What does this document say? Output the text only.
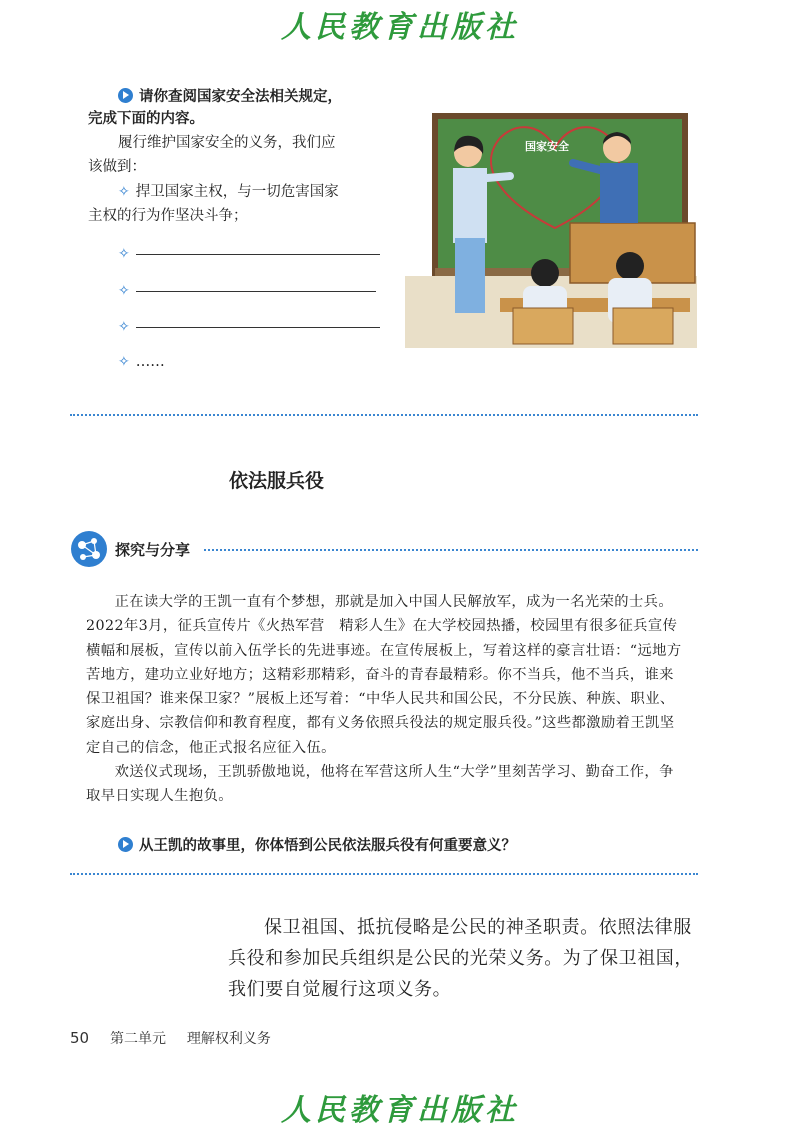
人民教育出版社
请你查阅国家安全法相关规定，
完成下面的内容。
履行维护国家安全的义务，我们应
该做到：
✧ 捍卫国家主权，与一切危害国家
主权的行为作坚决斗争；
✧
✧
✧
✧ ……
国家安全
依法服兵役
探究与分享

正在读大学的王凯一直有个梦想，那就是加入中国人民解放军，成为一名光荣的士兵。2022年3月，征兵宣传片《火热军营　精彩人生》在大学校园热播，校园里有很多征兵宣传横幅和展板，宣传以前入伍学长的先进事迹。在宣传展板上，写着这样的豪言壮语：“远地方苦地方，建功立业好地方；这精彩那精彩，奋斗的青春最精彩。你不当兵，他不当兵，谁来保卫祖国？谁来保卫家？”展板上还写着：“中华人民共和国公民，不分民族、种族、职业、家庭出身、宗教信仰和教育程度，都有义务依照兵役法的规定服兵役。”这些都激励着王凯坚定自己的信念，他正式报名应征入伍。

欢送仪式现场，王凯骄傲地说，他将在军营这所人生“大学”里刻苦学习、勤奋工作，争取早日实现人生抱负。

从王凯的故事里，你体悟到公民依法服兵役有何重要意义？
保卫祖国、抵抗侵略是公民的神圣职责。依照法律服兵役和参加民兵组织是公民的光荣义务。为了保卫祖国，我们要自觉履行这项义务。
50 第二单元 理解权利义务
人民教育出版社
